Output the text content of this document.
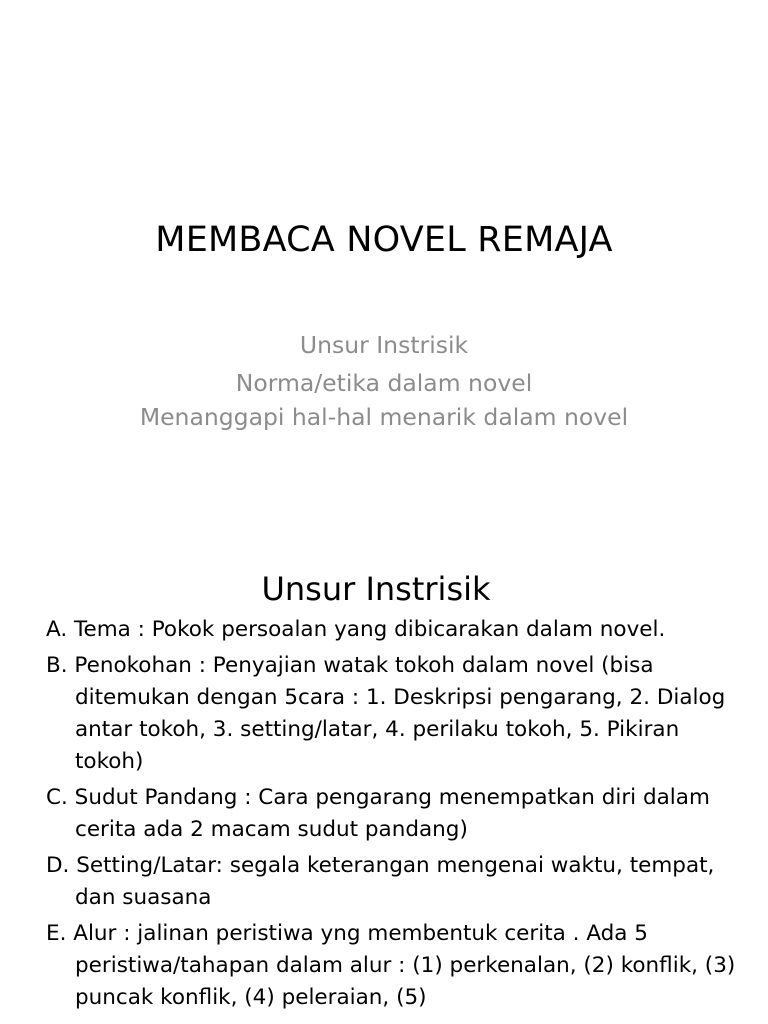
MEMBACA NOVEL REMAJA
Unsur Instrisik
Norma/etika dalam novel
Menanggapi hal-hal menarik dalam novel
Unsur Instrisik

A. Tema : Pokok persoalan yang dibicarakan dalam novel.

B. Penokohan : Penyajian watak tokoh dalam novel (bisa ditemukan dengan 5cara : 1. Deskripsi pengarang, 2. Dialog antar tokoh, 3. setting/latar, 4. perilaku tokoh, 5. Pikiran tokoh)

C. Sudut Pandang : Cara pengarang menempatkan diri dalam cerita ada 2 macam sudut pandang)

D. Setting/Latar: segala keterangan mengenai waktu, tempat, dan suasana

E. Alur : jalinan peristiwa yng membentuk cerita . Ada 5 peristiwa/tahapan dalam alur : (1) perkenalan, (2) konflik, (3) puncak konflik, (4) peleraian, (5)
